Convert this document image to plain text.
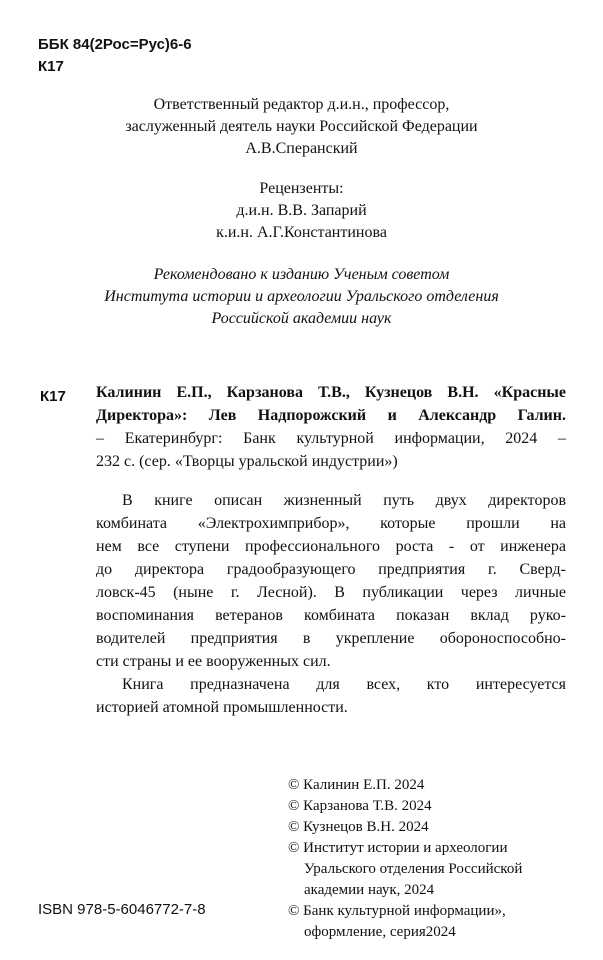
ББК 84(2Рос=Рус)6-6
К17
Ответственный редактор д.и.н., профессор,
заслуженный деятель науки Российской Федерации
А.В.Сперанский
Рецензенты:
д.и.н. В.В. Запарий
к.и.н. А.Г.Константинова
Рекомендовано к изданию Ученым советом
Института истории и археологии Уральского отделения
Российской академии наук
К17 Калинин Е.П., Карзанова Т.В., Кузнецов В.Н. «Красные
Директора»: Лев Надпорожский и Александр Галин.
– Екатеринбург: Банк культурной информации, 2024 –
232 с. (сер. «Творцы уральской индустрии»)
В книге описан жизненный путь двух директоров
комбината «Электрохимприбор», которые прошли на
нем все ступени профессионального роста - от инженера
до директора градообразующего предприятия г. Сверд-
ловск-45 (ныне г. Лесной). В публикации через личные
воспоминания ветеранов комбината показан вклад руко-
водителей предприятия в укрепление обороноспособно-
сти страны и ее вооруженных сил.
Книга предназначена для всех, кто интересуется
историей атомной промышленности.
© Калинин Е.П. 2024
© Карзанова Т.В. 2024
© Кузнецов В.Н. 2024
© Институт истории и археологии
Уральского отделения Российской
академии наук, 2024
© Банк культурной информации»,
оформление, серия2024
ISBN 978-5-6046772-7-8
